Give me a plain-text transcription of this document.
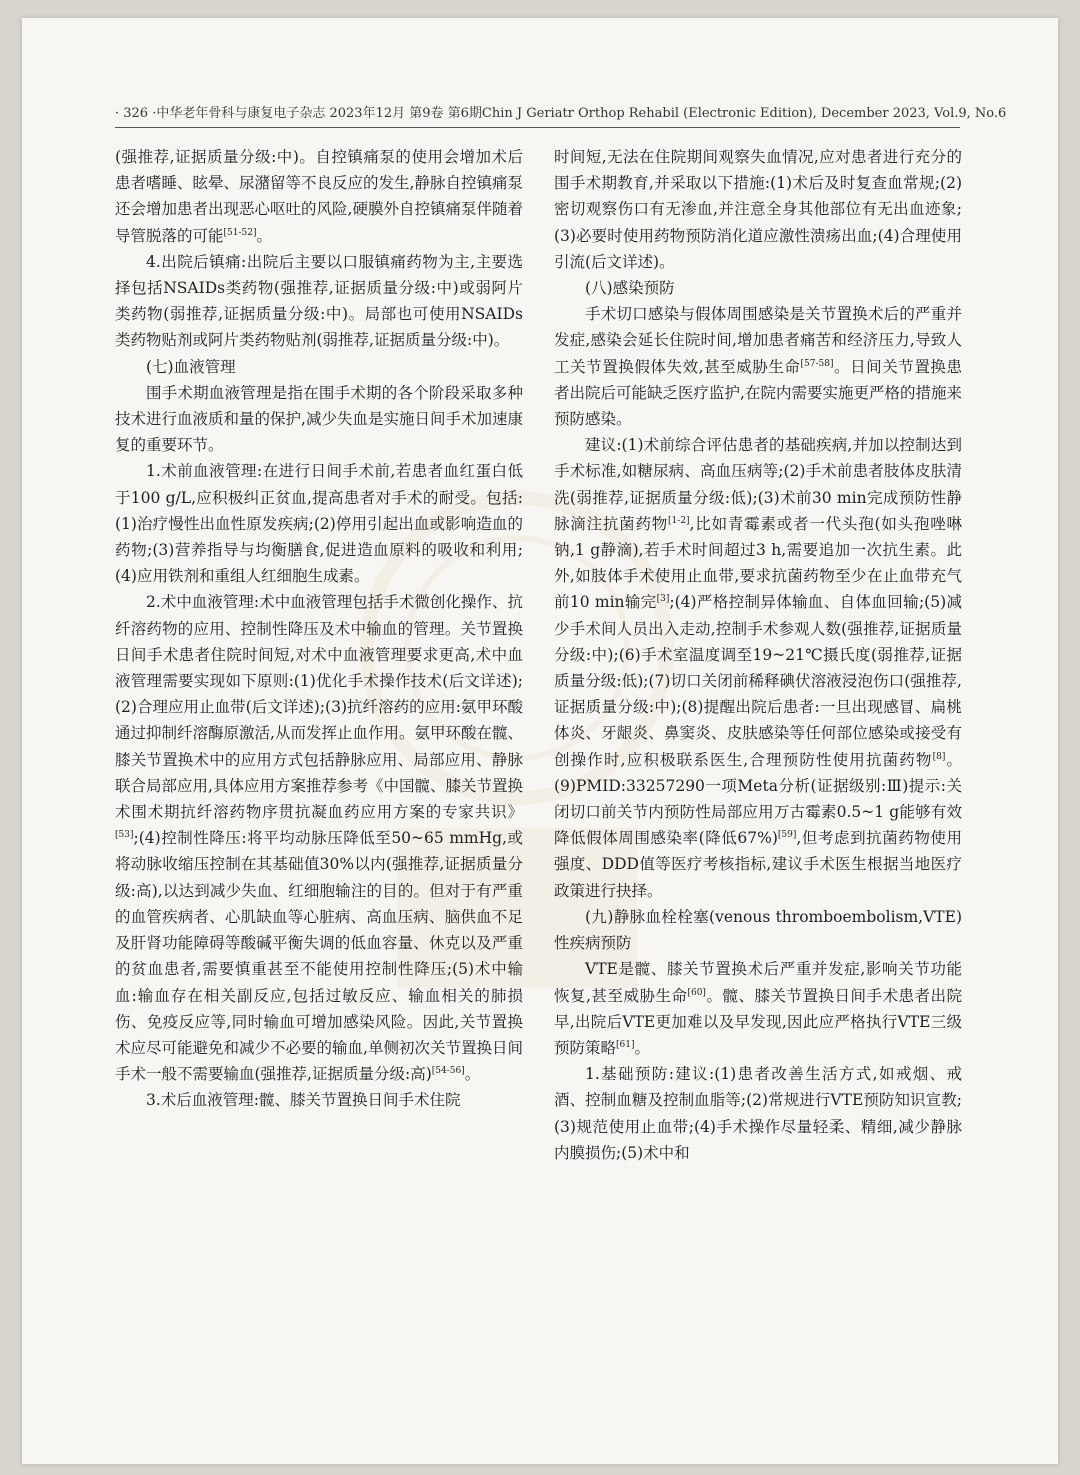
· 326 · 中华老年骨科与康复电子杂志 2023年12月 第9卷 第6期 Chin J Geriatr Orthop Rehabil (Electronic Edition), December 2023, Vol.9, No.6

(强推荐,证据质量分级:中)。自控镇痛泵的使用会增加术后患者嗜睡、眩晕、尿潴留等不良反应的发生,静脉自控镇痛泵还会增加患者出现恶心呕吐的风险,硬膜外自控镇痛泵伴随着导管脱落的可能[51-52]。

4.出院后镇痛:出院后主要以口服镇痛药物为主,主要选择包括NSAIDs类药物(强推荐,证据质量分级:中)或弱阿片类药物(弱推荐,证据质量分级:中)。局部也可使用NSAIDs类药物贴剂或阿片类药物贴剂(弱推荐,证据质量分级:中)。

(七)血液管理

围手术期血液管理是指在围手术期的各个阶段采取多种技术进行血液质和量的保护,减少失血是实施日间手术加速康复的重要环节。

1.术前血液管理:在进行日间手术前,若患者血红蛋白低于100 g/L,应积极纠正贫血,提高患者对手术的耐受。包括:(1)治疗慢性出血性原发疾病;(2)停用引起出血或影响造血的药物;(3)营养指导与均衡膳食,促进造血原料的吸收和利用;(4)应用铁剂和重组人红细胞生成素。

2.术中血液管理:术中血液管理包括手术微创化操作、抗纤溶药物的应用、控制性降压及术中输血的管理。关节置换日间手术患者住院时间短,对术中血液管理要求更高,术中血液管理需要实现如下原则:(1)优化手术操作技术(后文详述);(2)合理应用止血带(后文详述);(3)抗纤溶药的应用:氨甲环酸通过抑制纤溶酶原激活,从而发挥止血作用。氨甲环酸在髋、膝关节置换术中的应用方式包括静脉应用、局部应用、静脉联合局部应用,具体应用方案推荐参考《中国髋、膝关节置换术围术期抗纤溶药物序贯抗凝血药应用方案的专家共识》[53];(4)控制性降压:将平均动脉压降低至50~65 mmHg,或将动脉收缩压控制在其基础值30%以内(强推荐,证据质量分级:高),以达到减少失血、红细胞输注的目的。但对于有严重的血管疾病者、心肌缺血等心脏病、高血压病、脑供血不足及肝肾功能障碍等酸碱平衡失调的低血容量、休克以及严重的贫血患者,需要慎重甚至不能使用控制性降压;(5)术中输血:输血存在相关副反应,包括过敏反应、输血相关的肺损伤、免疫反应等,同时输血可增加感染风险。因此,关节置换术应尽可能避免和减少不必要的输血,单侧初次关节置换日间手术一般不需要输血(强推荐,证据质量分级:高)[54-56]。

3.术后血液管理:髋、膝关节置换日间手术住院

时间短,无法在住院期间观察失血情况,应对患者进行充分的围手术期教育,并采取以下措施:(1)术后及时复查血常规;(2)密切观察伤口有无渗血,并注意全身其他部位有无出血迹象;(3)必要时使用药物预防消化道应激性溃疡出血;(4)合理使用引流(后文详述)。

(八)感染预防

手术切口感染与假体周围感染是关节置换术后的严重并发症,感染会延长住院时间,增加患者痛苦和经济压力,导致人工关节置换假体失效,甚至威胁生命[57-58]。日间关节置换患者出院后可能缺乏医疗监护,在院内需要实施更严格的措施来预防感染。

建议:(1)术前综合评估患者的基础疾病,并加以控制达到手术标准,如糖尿病、高血压病等;(2)手术前患者肢体皮肤清洗(弱推荐,证据质量分级:低);(3)术前30 min完成预防性静脉滴注抗菌药物[1-2],比如青霉素或者一代头孢(如头孢唑啉钠,1 g静滴),若手术时间超过3 h,需要追加一次抗生素。此外,如肢体手术使用止血带,要求抗菌药物至少在止血带充气前10 min输完[3];(4)严格控制异体输血、自体血回输;(5)减少手术间人员出入走动,控制手术参观人数(强推荐,证据质量分级:中);(6)手术室温度调至19~21℃摄氏度(弱推荐,证据质量分级:低);(7)切口关闭前稀释碘伏溶液浸泡伤口(强推荐,证据质量分级:中);(8)提醒出院后患者:一旦出现感冒、扁桃体炎、牙龈炎、鼻窦炎、皮肤感染等任何部位感染或接受有创操作时,应积极联系医生,合理预防性使用抗菌药物[8]。(9)PMID:33257290一项Meta分析(证据级别:Ⅲ)提示:关闭切口前关节内预防性局部应用万古霉素0.5~1 g能够有效降低假体周围感染率(降低67%)[59],但考虑到抗菌药物使用强度、DDD值等医疗考核指标,建议手术医生根据当地医疗政策进行抉择。

(九)静脉血栓栓塞(venous thromboembolism,VTE)性疾病预防

VTE是髋、膝关节置换术后严重并发症,影响关节功能恢复,甚至威胁生命[60]。髋、膝关节置换日间手术患者出院早,出院后VTE更加难以及早发现,因此应严格执行VTE三级预防策略[61]。

1.基础预防:建议:(1)患者改善生活方式,如戒烟、戒酒、控制血糖及控制血脂等;(2)常规进行VTE预防知识宣教;(3)规范使用止血带;(4)手术操作尽量轻柔、精细,减少静脉内膜损伤;(5)术中和
